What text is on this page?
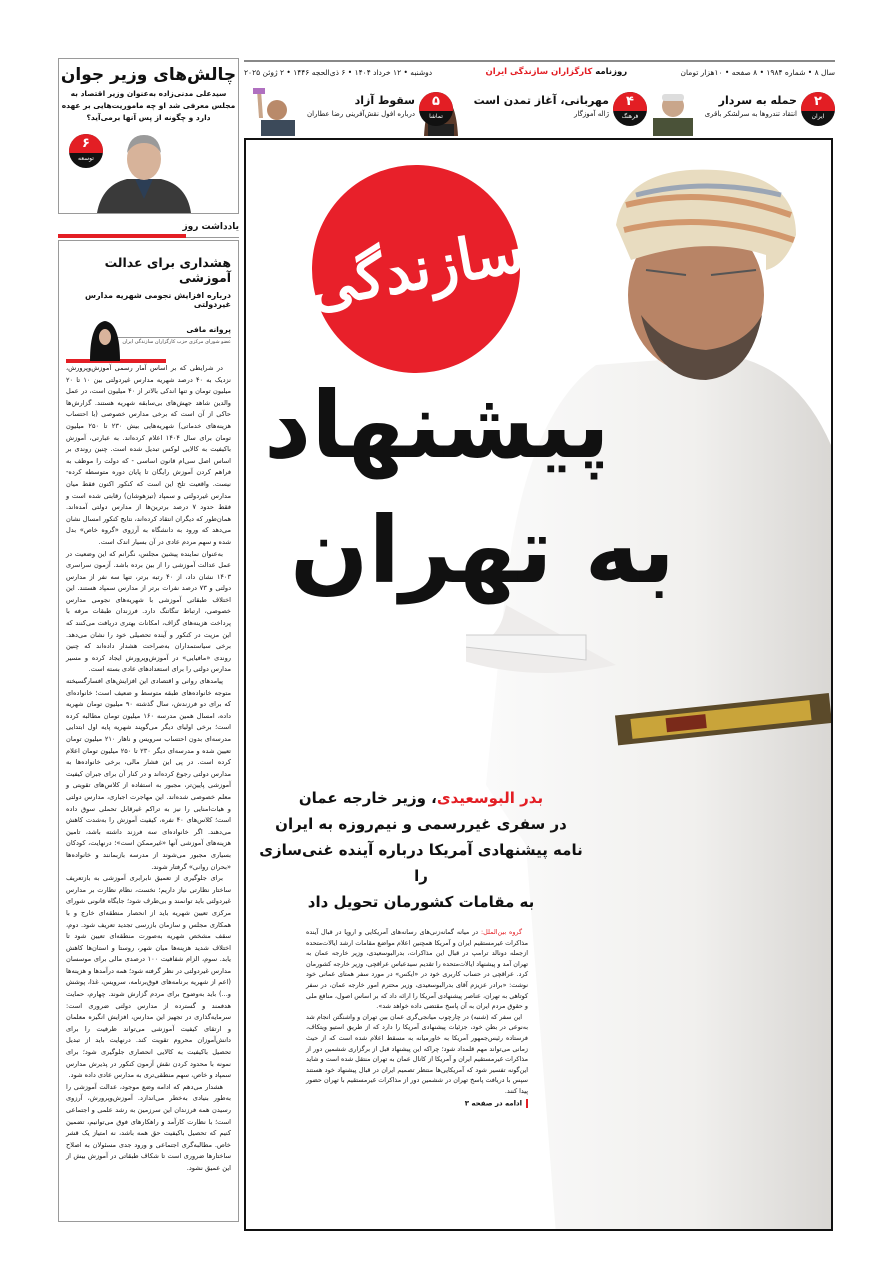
سال ۸ • شماره ۱۹۸۴ • ۸ صفحه • ۱۰هزار تومان
روزنامه کارگزاران سازندگی ایران
دوشنبه • ۱۲ خرداد ۱۴۰۴ • ۶ ذی‌الحجه ۱۴۴۶ • ۲ ژوئن ۲۰۲۵
۲
ایران
حمله به سردار
انتقاد تندروها به سرلشکر باقری
۴
فرهنگ
مهربانی، آغاز تمدن است
ژاله آموزگار
۵
تماشا
سقوط آزاد
درباره افول نقش‌آفرینی رضا عطاران
چالش‌های وزیر جوان
سیدعلی مدنی‌زاده به‌عنوان وزیر اقتصاد به مجلس معرفی شد او چه ماموریت‌هایی بر عهده دارد و چگونه از پس آنها برمی‌آید؟
۶
توسعه
یادداشت روز
هشداری برای عدالت آموزشی
درباره افزایش نجومی شهریه مدارس غیردولتی
پروانه مافی
عضو شورای مرکزی حزب کارگزاران سازندگی ایران

در شرایطی که بر اساس آمار رسمی آموزش‌وپرورش، نزدیک به ۴۰ درصد شهریه مدارس غیردولتی بین ۱۰ تا ۲۰ میلیون تومان و تنها اندکی بالاتر از ۴۰ میلیون است، در عمل والدین شاهد جهش‌های بی‌سابقه شهریه هستند. گزارش‌ها حاکی از آن است که برخی مدارس خصوصی (با احتساب هزینه‌های خدماتی) شهریه‌هایی بیش ۲۳۰ تا ۲۵۰ میلیون تومان برای سال ۱۴۰۴ اعلام کرده‌اند. به عبارتی، آموزش باکیفیت به کالایی لوکس تبدیل شده است. چنین روندی بر اساس اصل سی‌ام قانون اساسی - که دولت را موظف به فراهم کردن آموزش رایگان تا پایان دوره متوسطه کرده- نیست. واقعیت تلخ این است که کنکور اکنون فقط میان مدارس غیردولتی و سمپاد (تیزهوشان) رقابتی شده است و فقط حدود ۷ درصد برترین‌ها از مدارس دولتی آمده‌اند. همان‌طور که دیگران انتقاد کرده‌اند، نتایج کنکور امسال نشان می‌دهد که ورود به دانشگاه به آرزوی «گروه خاص» بدل شده و سهم مردم عادی در آن بسیار اندک است.

به‌عنوان نماینده پیشین مجلس، نگرانم که این وضعیت در عمل عدالت آموزشی را از بین برده باشد. آزمون سراسری ۱۴۰۳ نشان داد، از ۴۰ رتبه برتر، تنها سه نفر از مدارس دولتی و ۷۳ درصد نفرات برتر از مدارس سمپاد هستند. این اختلاف طبقاتی آموزشی با شهریه‌های نجومی مدارس خصوصی، ارتباط تنگاتنگ دارد. فرزندان طبقات مرفه با پرداخت هزینه‌های گزاف، امکانات بهتری دریافت می‌کنند که این مزیت در کنکور و آینده تحصیلی خود را نشان می‌دهد. برخی سیاستمداران به‌صراحت هشدار داده‌اند که چنین روندی «مافیایی» در آموزش‌وپرورش ایجاد کرده و مسیر مدارس دولتی را برای استعدادهای عادی بسته است.

پیامدهای روانی و اقتصادی این افزایش‌های افسارگسیخته متوجه خانواده‌های طبقه متوسط و ضعیف است؛ خانواده‌ای که برای دو فرزندش، سال گذشته ۹۰ میلیون تومان شهریه داده، امسال همین مدرسه ۱۶۰ میلیون تومان مطالبه کرده است؛ برخی اولیای دیگر می‌گویند شهریه پایه اول ابتدایی مدرسه‌ای بدون احتساب سرویس و ناهار ۲۱۰ میلیون تومان تعیین شده و مدرسه‌ای دیگر ۲۳۰ تا ۲۵۰ میلیون تومان اعلام کرده است. در پی این فشار مالی، برخی خانواده‌ها به مدارس دولتی رجوع کرده‌اند و در کنار آن برای جبران کیفیت آموزشی پایین‌تر، مجبور به استفاده از کلاس‌های تقویتی و معلم خصوصی شده‌اند. این مهاجرت اجباری، مدارس دولتی و هیات‌امنایی را نیز به تراکم غیرقابل تحملی سوق داده است؛ کلاس‌های ۴۰ نفره، کیفیت آموزش را به‌شدت کاهش می‌دهند. اگر خانواده‌ای سه فرزند داشته باشد، تامین هزینه‌های آموزشی آنها «غیرممکن است»؛ درنهایت، کودکان بسیاری مجبور می‌شوند از مدرسه بازبمانند و خانواده‌ها «بحران روانی» گرفتار شوند.

برای جلوگیری از تعمیق نابرابری آموزشی به بازتعریف ساختار نظارتی نیاز داریم؛ نخست، نظام نظارت بر مدارس غیردولتی باید توانمند و بی‌طرف شود؛ جایگاه قانونی شورای مرکزی تعیین شهریه باید از انحصار منطقه‌ای خارج و با همکاری مجلس و سازمان بازرسی تجدید تعریف شود. دوم، سقف مشخص شهریه به‌صورت منطقه‌ای تعیین شود تا اختلاف شدید هزینه‌ها میان شهر، روستا و استان‌ها کاهش یابد. سوم، الزام شفافیت ۱۰۰ درصدی مالی برای موسسان مدارس غیردولتی در نظر گرفته شود؛ همه درآمدها و هزینه‌ها (اعم از شهریه برنامه‌های فوق‌برنامه، سرویس، غذا، پوشش و...) باید به‌وضوح برای مردم گزارش شوند. چهارم، حمایت هدفمند و گسترده از مدارس دولتی ضروری است: سرمایه‌گذاری در تجهیز این مدارس، افزایش انگیزه معلمان و ارتقای کیفیت آموزشی می‌تواند ظرفیت را برای دانش‌آموزان محروم تقویت کند. درنهایت باید از تبدیل تحصیل باکیفیت به کالایی انحصاری جلوگیری شود؛ برای نمونه با محدود کردن نقش آزمون کنکور در پذیرش مدارس سمپاد و خاص، سهم منطقی‌تری به مدارس عادی داده شود.

هشدار می‌دهم که ادامه وضع موجود، عدالت آموزشی را به‌طور بنیادی به‌خطر می‌اندازد. آموزش‌وپرورش، آرزوی رسیدن همه فرزندان این سرزمین به رشد علمی و اجتماعی است؛ با نظارت کارآمد و راهکارهای فوق می‌توانیم، تضمین کنیم که تحصیل باکیفیت حق همه باشد، نه امتیاز یک قشر خاص. مطالبه‌گری اجتماعی و ورود جدی مسئولان به اصلاح ساختارها ضروری است تا شکاف طبقاتی در آموزش بیش از این عمیق نشود.

سازندگی
پیشنهاد
به تهران
بدر البوسعیدی، وزیر خارجه عمان
در سفری غیررسمی و نیم‌روزه به ایران
نامه پیشنهادی آمریکا درباره آینده غنی‌سازی را
به مقامات کشورمان تحویل داد

گروه بین‌الملل: در میانه گمانه‌زنی‌های رسانه‌های آمریکایی و اروپا در قبال آینده مذاکرات غیرمستقیم ایران و آمریکا همچنین اعلام مواضع مقامات ارشد ایالات‌متحده ازجمله دونالد ترامپ در قبال این مذاکرات، بدرالبوسعیدی، وزیر خارجه عمان به تهران آمد و پیشنهاد ایالات‌متحده را تقدیم سیدعباس عراقچی، وزیر خارجه کشورمان کرد. عراقچی در حساب کاربری خود در «ایکس» در مورد سفر همتای عمانی خود نوشت: «برادر عزیزم آقای بدرالبوسعیدی، وزیر محترم امور خارجه عمان، در سفر کوتاهی به تهران، عناصر پیشنهادی آمریکا را ارائه داد که بر اساس اصول، منافع ملی و حقوق مردم ایران به آن پاسخ مقتضی داده خواهد شد».

این سفر که (شنبه) در چارچوب میانجی‌گری عمان بین تهران و واشنگتن انجام شد به‌نوعی در بطن خود، جزئیات پیشنهادی آمریکا را دارد که از طریق استیو ویتکاف، فرستاده رئیس‌جمهور آمریکا به خاورمیانه به مسقط اعلام شده است که از حیث زمانی می‌تواند مهم قلمداد شود؛ چراکه این پیشنهاد قبل از برگزاری ششمین دور از مذاکرات غیرمستقیم ایران و آمریکا از کانال عمان به تهران منتقل شده است و شاید این‌گونه تفسیر شود که آمریکایی‌ها منتظر تصمیم ایران در قبال پیشنهاد خود هستند سپس با دریافت پاسخ تهران در ششمین دور از مذاکرات غیرمستقیم با تهران حضور پیدا کنند.

ادامه در صفحه ۳
